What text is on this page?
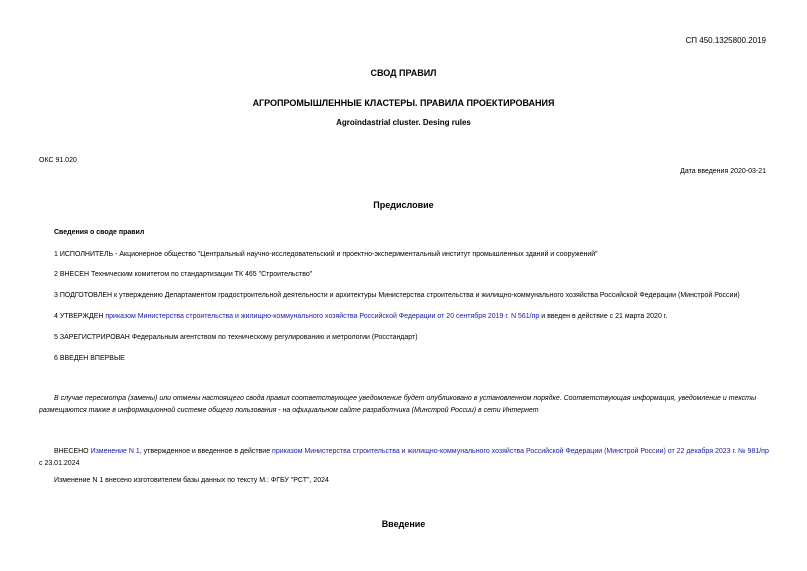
СП 450.1325800.2019
СВОД ПРАВИЛ
АГРОПРОМЫШЛЕННЫЕ КЛАСТЕРЫ. ПРАВИЛА ПРОЕКТИРОВАНИЯ
Agroindastrial cluster. Desing rules
ОКС 91.020
Дата введения 2020-03-21
Предисловие
Сведения о своде правил
1 ИСПОЛНИТЕЛЬ - Акционерное общество "Центральный научно-исследовательский и проектно-экспериментальный институт промышленных зданий и сооружений"
2 ВНЕСЕН Техническим комитетом по стандартизации ТК 465 "Строительство"
3 ПОДГОТОВЛЕН к утверждению Департаментом градостроительной деятельности и архитектуры Министерства строительства и жилищно-коммунального хозяйства Российской Федерации (Минстрой России)
4 УТВЕРЖДЕН приказом Министерства строительства и жилищно-коммунального хозяйства Российской Федерации от 20 сентября 2019 г. N 561/пр и введен в действие с 21 марта 2020 г.
5 ЗАРЕГИСТРИРОВАН Федеральным агентством по техническому регулированию и метрологии (Росстандарт)
6 ВВЕДЕН ВПЕРВЫЕ
В случае пересмотра (замены) или отмены настоящего свода правил соответствующее уведомление будет опубликовано в установленном порядке. Соответствующая информация, уведомление и тексты размещаются также в информационной системе общего пользования - на официальном сайте разработчика (Минстрой России) в сети Интернет
ВНЕСЕНО Изменение N 1, утвержденное и введенное в действие приказом Министерства строительства и жилищно-коммунального хозяйства Российской Федерации (Минстрой России) от 22 декабря 2023 г. № 981/пр с 23.01.2024
Изменение N 1 внесено изготовителем базы данных по тексту М.: ФГБУ "РСТ", 2024
Введение
